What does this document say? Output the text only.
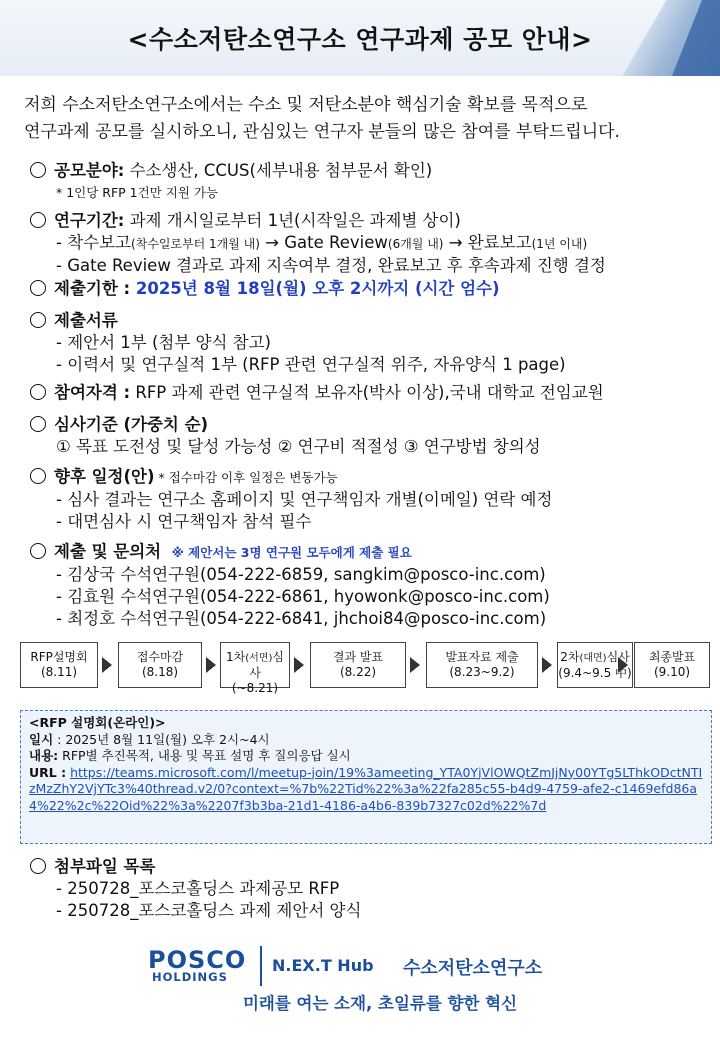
<수소저탄소연구소 연구과제 공모 안내>
저희 수소저탄소연구소에서는 수소 및 저탄소분야 핵심기술 확보를 목적으로
연구과제 공모를 실시하오니, 관심있는 연구자 분들의 많은 참여를 부탁드립니다.
공모분야: 수소생산, CCUS(세부내용 첨부문서 확인)
* 1인당 RFP 1건만 지원 가능
연구기간: 과제 개시일로부터 1년(시작일은 과제별 상이)
- 착수보고(착수일로부터 1개월 내) → Gate Review(6개월 내) → 완료보고(1년 이내)
- Gate Review 결과로 과제 지속여부 결정, 완료보고 후 후속과제 진행 결정
제출기한 : 2025년 8월 18일(월) 오후 2시까지 (시간 엄수)
제출서류
- 제안서 1부 (첨부 양식 참고)
- 이력서 및 연구실적 1부 (RFP 관련 연구실적 위주, 자유양식 1 page)
참여자격 : RFP 과제 관련 연구실적 보유자(박사 이상),국내 대학교 전임교원
심사기준 (가중치 순)
① 목표 도전성 및 달성 가능성 ② 연구비 적절성 ③ 연구방법 창의성
향후 일정(안) * 접수마감 이후 일정은 변동가능
- 심사 결과는 연구소 홈페이지 및 연구책임자 개별(이메일) 연락 예정
- 대면심사 시 연구책임자 참석 필수
제출 및 문의처 ※ 제안서는 3명 연구원 모두에게 제출 필요
- 김상국 수석연구원(054-222-6859, sangkim@posco-inc.com)
- 김효원 수석연구원(054-222-6861, hyowonk@posco-inc.com)
- 최정호 수석연구원(054-222-6841, jhchoi84@posco-inc.com)
RFP설명회
(8.11)
접수마감
(8.18)
1차(서면)심사
(~8.21)
결과 발표
(8.22)
발표자료 제출
(8.23~9.2)
2차(대면)심사
(9.4~9.5 中)
최종발표
(9.10)
<RFP 설명회(온라인)>
일시 : 2025년 8월 11일(월) 오후 2시~4시
내용: RFP별 추진목적, 내용 및 목표 설명 후 질의응답 실시
URL : https://teams.microsoft.com/l/meetup-join/19%3ameeting_YTA0YjVlOWQtZmJjNy00YTg5LThkODctNTIzMzZhY2VjYTc3%40thread.v2/0?context=%7b%22Tid%22%3a%22fa285c55-b4d9-4759-afe2-c1469efd86a4%22%2c%22Oid%22%3a%2207f3b3ba-21d1-4186-a4b6-839b7327c02d%22%7d
첨부파일 목록
- 250728_포스코홀딩스 과제공모 RFP
- 250728_포스코홀딩스 과제 제안서 양식
POSCO
HOLDINGS
N.EX.T Hub 수소저탄소연구소
미래를 여는 소재, 초일류를 향한 혁신
